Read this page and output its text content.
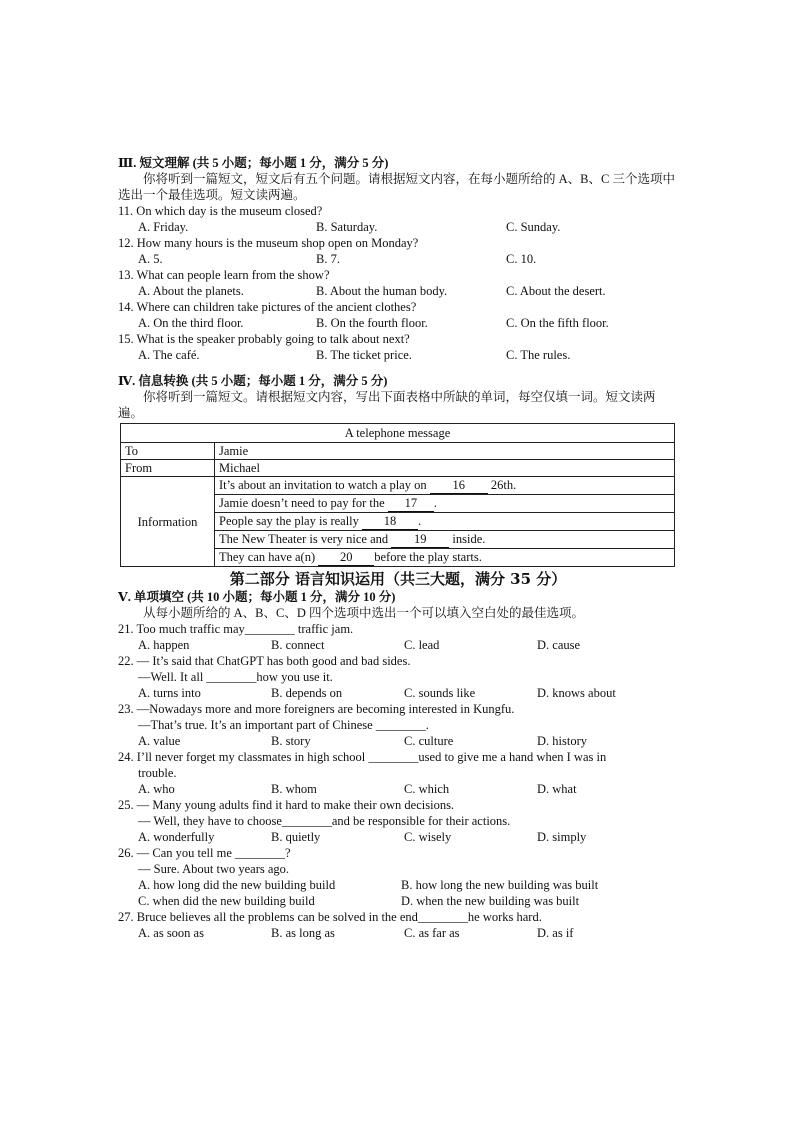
Ⅲ. 短文理解 (共 5 小题；每小题 1 分，满分 5 分)
你将听到一篇短文，短文后有五个问题。请根据短文内容，在每小题所给的 A、B、C 三个选项中选出一个最佳选项。短文读两遍。
11. On which day is the museum closed?
A. Friday.	B. Saturday.	C. Sunday.
12. How many hours is the museum shop open on Monday?
A. 5.	B. 7.	C. 10.
13. What can people learn from the show?
A. About the planets.	B. About the human body.	C. About the desert.
14. Where can children take pictures of the ancient clothes?
A. On the third floor.	B. On the fourth floor.	C. On the fifth floor.
15. What is the speaker probably going to talk about next?
A. The café.	B. The ticket price.	C. The rules.
Ⅳ. 信息转换 (共 5 小题；每小题 1 分，满分 5 分)
你将听到一篇短文。请根据短文内容，写出下面表格中所缺的单词，每空仅填一词。短文读两遍。
A telephone message	
To	Jamie
From	Michael
Information	It’s about an invitation to watch a play on 16 26th.
	Jamie doesn’t need to pay for the 17 .
	People say the play is really 18 .
	The New Theater is very nice and 19 inside.
	They can have a(n) 20 before the play starts.
第二部分 语言知识运用（共三大题，满分 35 分）
Ⅴ. 单项填空 (共 10 小题；每小题 1 分，满分 10 分)
从每小题所给的 A、B、C、D 四个选项中选出一个可以填入空白处的最佳选项。
21. Too much traffic may________ traffic jam.
A. happen	B. connect	C. lead	D. cause
22. — It’s said that ChatGPT has both good and bad sides.
—Well. It all ________how you use it.
A. turns into	B. depends on	C. sounds like	D. knows about
23. —Nowadays more and more foreigners are becoming interested in Kungfu.
—That’s true. It’s an important part of Chinese ________.
A. value	B. story	C. culture	D. history
24. I’ll never forget my classmates in high school ________used to give me a hand when I was in
trouble.
A. who	B. whom	C. which	D. what
25. — Many young adults find it hard to make their own decisions.
— Well, they have to choose________and be responsible for their actions.
A. wonderfully	B. quietly	C. wisely	D. simply
26. — Can you tell me ________?
— Sure. About two years ago.
A. how long did the new building build	B. how long the new building was built
C. when did the new building build	D. when the new building was built
27. Bruce believes all the problems can be solved in the end________he works hard.
A. as soon as	B. as long as	C. as far as	D. as if
